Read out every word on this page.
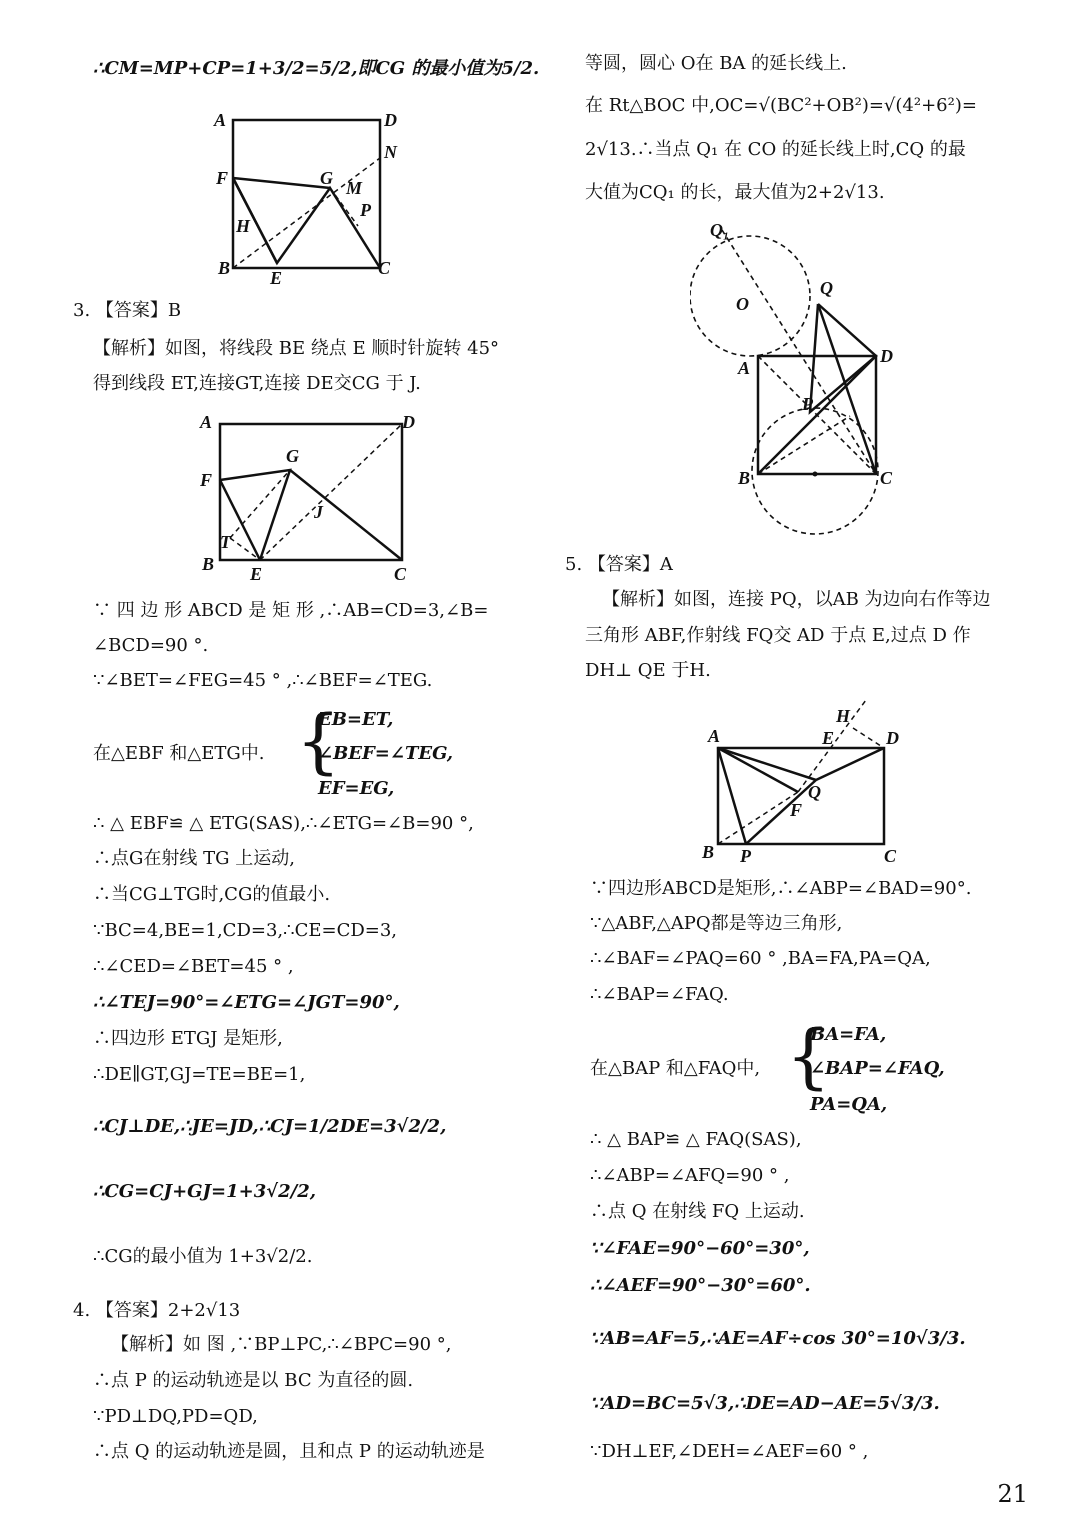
∴CM=MP+CP=1+3/2=5/2,即CG 的最小值为5/2.
A	D
N
F	G M
P
H
B E	C
3. 【答案】B
【解析】如图，将线段 BE 绕点 E 顺时针旋转 45°
得到线段 ET,连接GT,连接 DE交CG 于 J.
A	D
G
F
J
T
B E	C
∵ 四 边 形 ABCD 是 矩 形 ,∴AB=CD=3,∠B=
∠BCD=90 °.
∵∠BET=∠FEG=45 ° ,∴∠BEF=∠TEG.
在△EBF 和△ETG中. {
EB=ET,
∠BEF=∠TEG,
EF=EG,
∴ △ EBF≌ △ ETG(SAS),∴∠ETG=∠B=90 °,
∴点G在射线 TG 上运动,
∴当CG⊥TG时,CG的值最小.
∵BC=4,BE=1,CD=3,∴CE=CD=3,
∴∠CED=∠BET=45 ° ,
∴∠TEJ=90°=∠ETG=∠JGT=90°,
∴四边形 ETGJ 是矩形,
∴DE∥GT,GJ=TE=BE=1,
∴CJ⊥DE,∴JE=JD,∴CJ=1/2DE=3√2/2,
∴CG=CJ+GJ=1+3√2/2,
∴CG的最小值为 1+3√2/2.
4. 【答案】2+2√13
【解析】如 图 ,∵BP⊥PC,∴∠BPC=90 °,
∴点 P 的运动轨迹是以 BC 为直径的圆.
∵PD⊥DQ,PD=QD,
∴点 Q 的运动轨迹是圆，且和点 P 的运动轨迹是
等圆，圆心 O在 BA 的延长线上.
在 Rt△BOC 中,OC=√(BC²+OB²)=√(4²+6²)=
2√13.∴当点 Q₁ 在 CO 的延长线上时,CQ 的最
大值为CQ₁ 的长，最大值为2+2√13.
Q₁
Q
O
A
D
P
B	C
5. 【答案】A
【解析】如图，连接 PQ，以AB 为边向右作等边
三角形 ABF,作射线 FQ交 AD 于点 E,过点 D 作
DH⊥ QE 于H.
H
A	E	D
Q
F
B P	C
∵四边形ABCD是矩形,∴∠ABP=∠BAD=90°.
∵△ABF,△APQ都是等边三角形,
∴∠BAF=∠PAQ=60 ° ,BA=FA,PA=QA,
∴∠BAP=∠FAQ.
在△BAP 和△FAQ中, {
BA=FA,
∠BAP=∠FAQ,
PA=QA,
∴ △ BAP≌ △ FAQ(SAS),
∴∠ABP=∠AFQ=90 ° ,
∴点 Q 在射线 FQ 上运动.
∵∠FAE=90°−60°=30°,
∴∠AEF=90°−30°=60°.
∵AB=AF=5,∴AE=AF÷cos 30°=10√3/3.
∵AD=BC=5√3,∴DE=AD−AE=5√3/3.
∵DH⊥EF,∠DEH=∠AEF=60 ° ,
21
